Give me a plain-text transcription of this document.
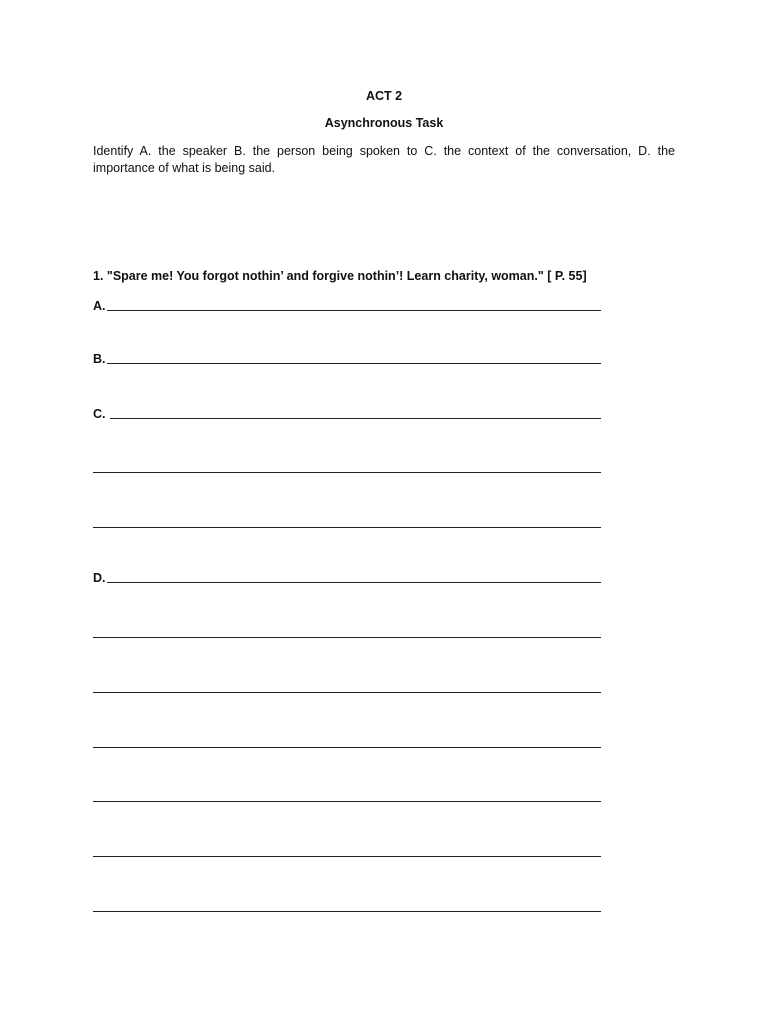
ACT 2
Asynchronous Task
Identify A. the speaker B. the person being spoken to C. the context of the conversation, D. the importance of what is being said.
1. "Spare me! You forgot nothin’ and forgive nothin’! Learn charity, woman." [ P. 55]
A.
B.
C.
D.
